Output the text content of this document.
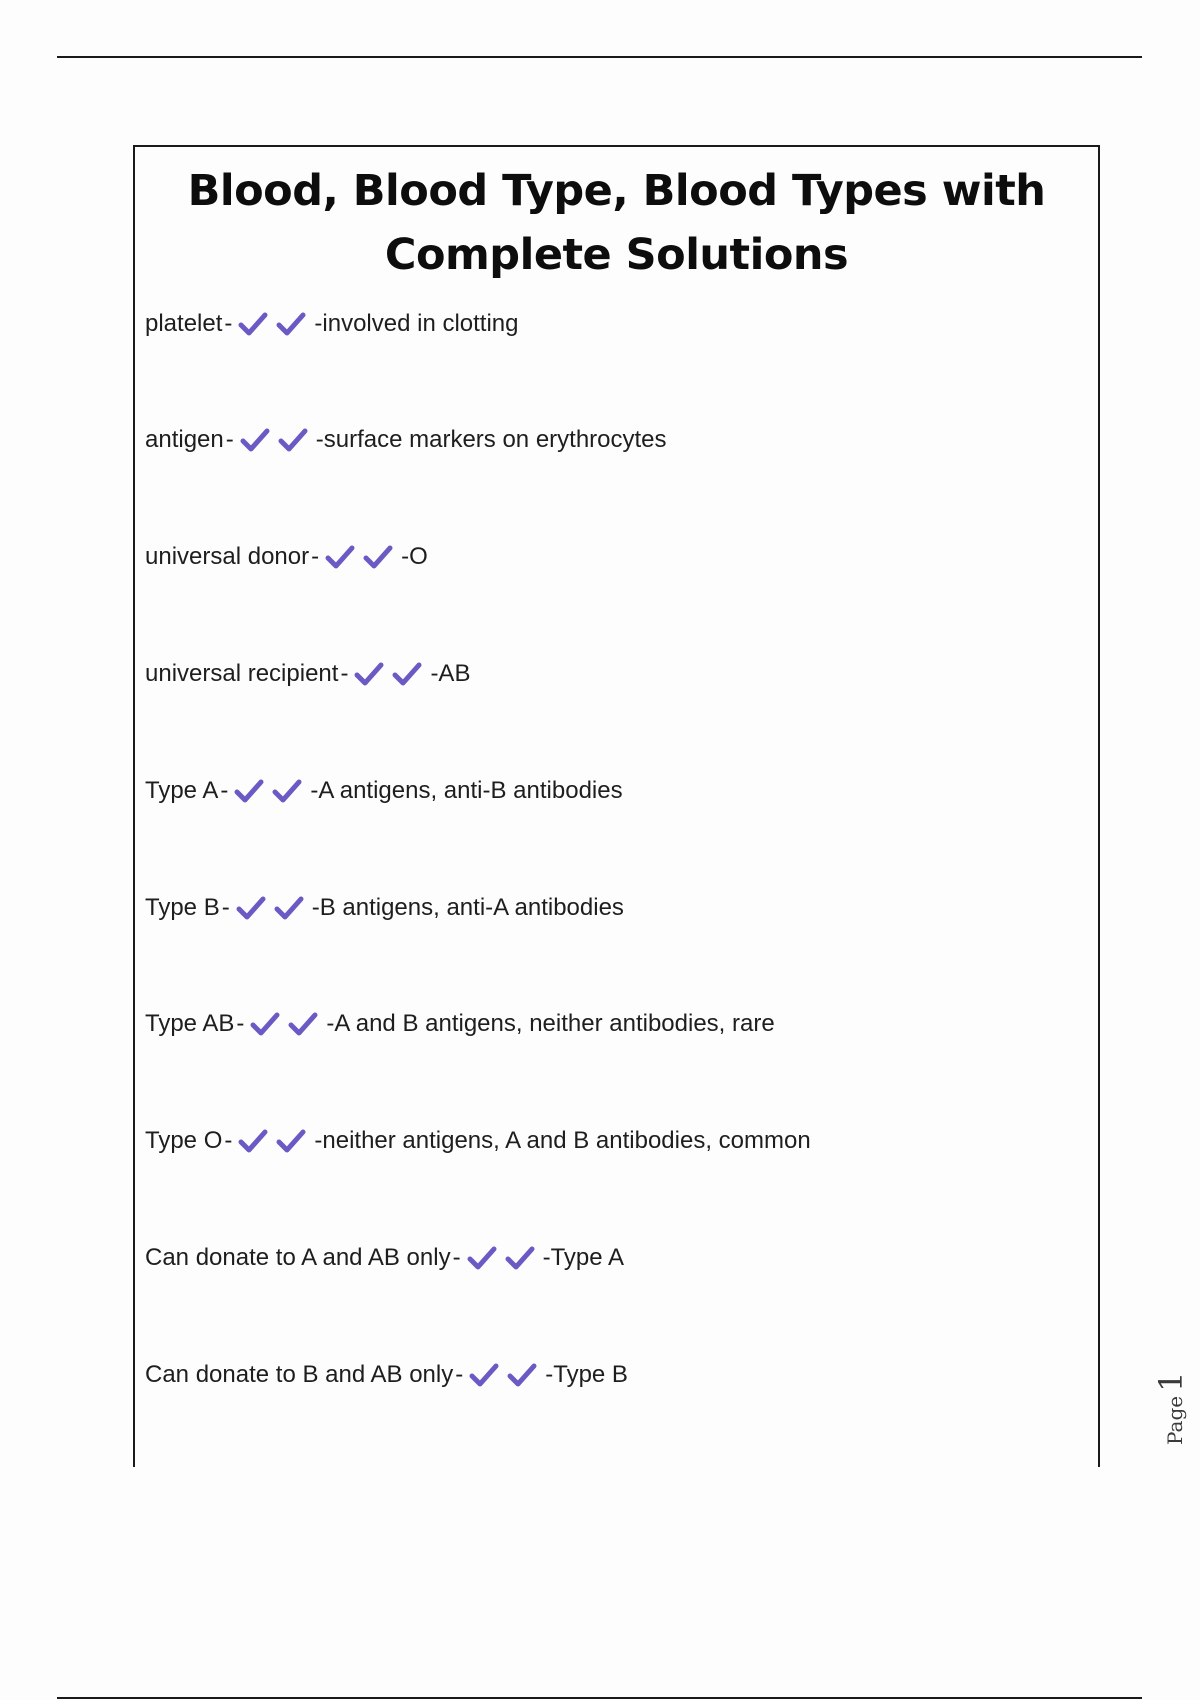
Blood, Blood Type, Blood Types with
Complete Solutions
platelet -	-involved in clotting
antigen -	-surface markers on erythrocytes
universal donor -	-O
universal recipient -	-AB
Type A -	-A antigens, anti-B antibodies
Type B -	-B antigens, anti-A antibodies
Type AB -	-A and B antigens, neither antibodies, rare
Type O -	-neither antigens, A and B antibodies, common
Can donate to A and AB only -	-Type A
Can donate to B and AB only -	-Type B
Page
1
